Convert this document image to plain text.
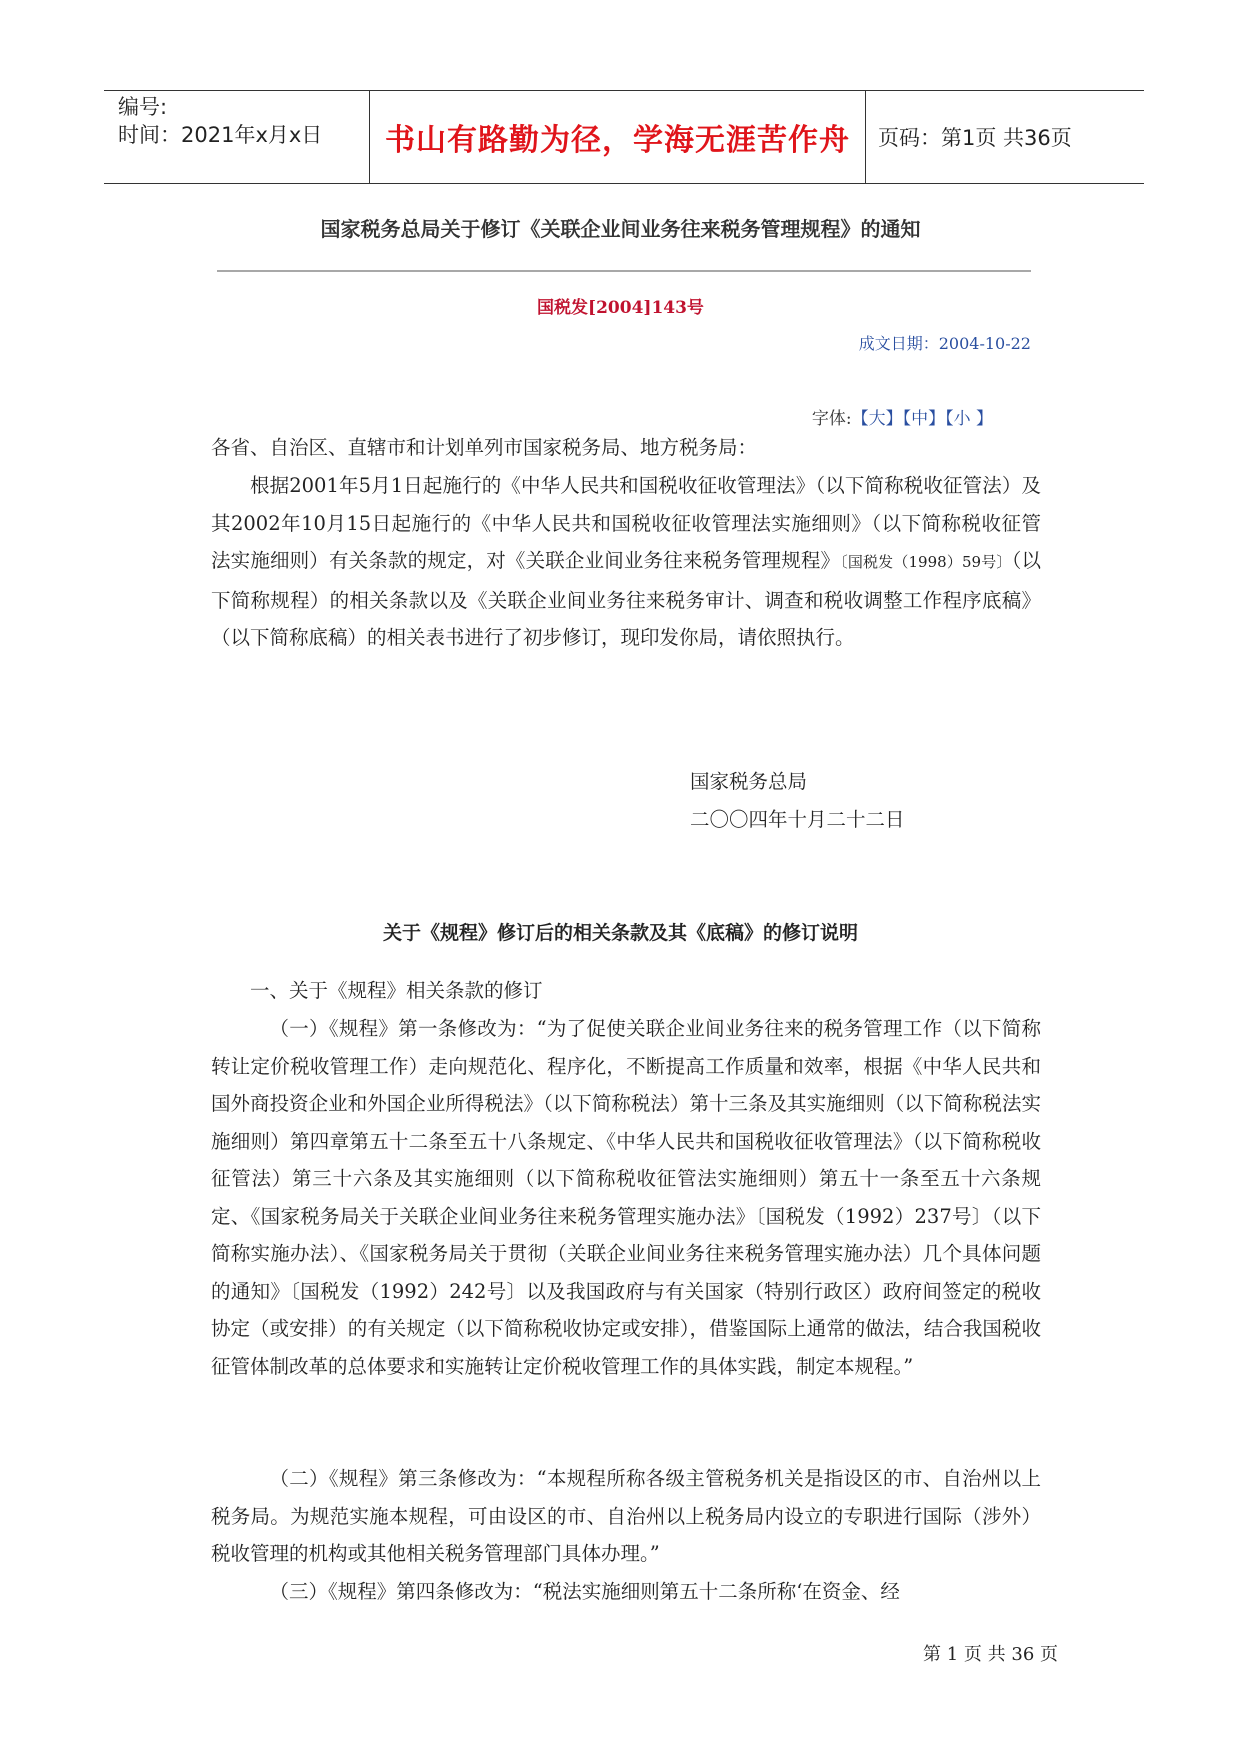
编号:
时间：2021年x月x日	书山有路勤为径，学海无涯苦作舟	页码：第1页 共36页
国家税务总局关于修订《关联企业间业务往来税务管理规程》的通知
国税发[2004]143号
成文日期：2004-10-22
字体:【大】【中】【小 】
各省、自治区、直辖市和计划单列市国家税务局、地方税务局：
根据2001年5月1日起施行的《中华人民共和国税收征收管理法》（以下简称税收征管法）及其2002年10月15日起施行的《中华人民共和国税收征收管理法实施细则》（以下简称税收征管法实施细则）有关条款的规定，对《关联企业间业务往来税务管理规程》〔国税发（1998）59号〕（以下简称规程）的相关条款以及《关联企业间业务往来税务审计、调查和税收调整工作程序底稿》（以下简称底稿）的相关表书进行了初步修订，现印发你局，请依照执行。
国家税务总局
二〇〇四年十月二十二日
关于《规程》修订后的相关条款及其《底稿》的修订说明
一、关于《规程》相关条款的修订
（一）《规程》第一条修改为：“为了促使关联企业间业务往来的税务管理工作（以下简称转让定价税收管理工作）走向规范化、程序化，不断提高工作质量和效率，根据《中华人民共和国外商投资企业和外国企业所得税法》（以下简称税法）第十三条及其实施细则（以下简称税法实施细则）第四章第五十二条至五十八条规定、《中华人民共和国税收征收管理法》（以下简称税收征管法）第三十六条及其实施细则（以下简称税收征管法实施细则）第五十一条至五十六条规定、《国家税务局关于关联企业间业务往来税务管理实施办法》〔国税发（1992）237号〕（以下简称实施办法）、《国家税务局关于贯彻（关联企业间业务往来税务管理实施办法）几个具体问题的通知》〔国税发（1992）242号〕以及我国政府与有关国家（特别行政区）政府间签定的税收协定（或安排）的有关规定（以下简称税收协定或安排），借鉴国际上通常的做法，结合我国税收征管体制改革的总体要求和实施转让定价税收管理工作的具体实践，制定本规程。”
（二）《规程》第三条修改为：“本规程所称各级主管税务机关是指设区的市、自治州以上税务局。为规范实施本规程，可由设区的市、自治州以上税务局内设立的专职进行国际（涉外）税收管理的机构或其他相关税务管理部门具体办理。”
（三）《规程》第四条修改为：“税法实施细则第五十二条所称‘在资金、经
第 1 页 共 36 页
